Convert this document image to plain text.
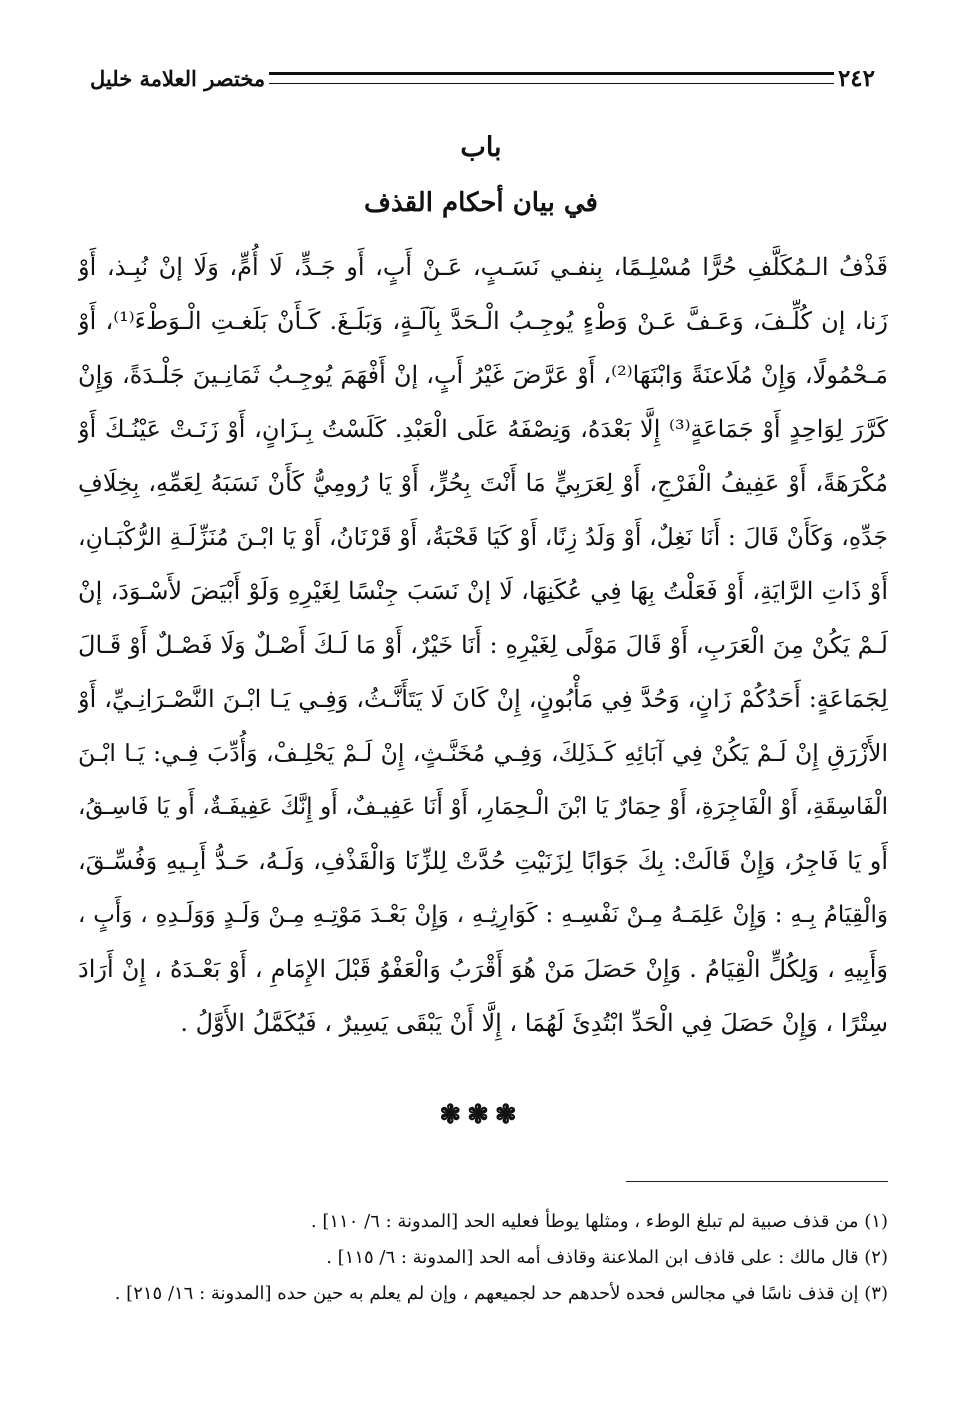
٢٤٢
مختصر العلامة خليل
باب
في بيان أحكام القذف
قَذْفُ الـمُكَلَّفِ حُرًّا مُسْلِـمًا، بِنفـي نَسَـبٍ، عَـنْ أَبٍ، أَو جَـدٍّ، لَا أُمٍّ، وَلَا إنْ نُبِـذ، أَوْ
زَنا، إن كُلِّـفَ، وَعَـفَّ عَـنْ وَطْءٍ يُوجِـبُ الْـحَدَّ بِآلَـةٍ، وَبَلَـغَ. كَـأَنْ بَلَغـتِ الْـوَطْءَ⁽¹⁾، أَوْ
مَـحْمُولًا، وَإِنْ مُلَاعنَةً وَابْنَهَا⁽²⁾، أَوْ عَرَّضَ غَيْرُ أَبٍ، إنْ أَفْهَمَ يُوجِـبُ ثَمَانِـينَ جَلْـدَةً، وَإِنْ
كَرَّرَ لِوَاحِدٍ أَوْ جَمَاعَةٍ⁽³⁾ إِلَّا بَعْدَهُ، وَنِصْفَهُ عَلَى الْعَبْدِ. كَلَسْتُ بِـزَانٍ، أَوْ زَنَـتْ عَيْنُـكَ أَوْ
مُكْرَهَةً، أَوْ عَفِيفُ الْفَرْجِ، أَوْ لِعَرَبِيٍّ مَا أَنْتَ بِحُرٍّ، أَوْ يَا رُومِيُّ كَأَنْ نَسَبَهُ لِعَمِّهِ، بِخِلَافِ
جَدِّهِ، وَكَأَنْ قَالَ : أَنَا نَغِلٌ، أَوْ وَلَدُ زِنًا، أَوْ كَيَا قَحْبَةُ، أَوْ قَرْنَانُ، أَوْ يَا ابْـنَ مُنَزِّلَـةِ الرُّكْبَـانِ،
أَوْ ذَاتِ الرَّايَةِ، أَوْ فَعَلْتُ بِهَا فِي عُكَنِهَا، لَا إنْ نَسَبَ جِنْسًا لِغَيْرِهِ وَلَوْ أَبْيَضَ لأَسْـوَدَ، إنْ
لَـمْ يَكُنْ مِنَ الْعَرَبِ، أَوْ قَالَ مَوْلًى لِغَيْرِهِ : أَنَا خَيْرٌ، أَوْ مَا لَـكَ أَصْـلٌ وَلَا فَصْـلٌ أَوْ قَـالَ
لِجَمَاعَةٍ: أَحَدُكُمْ زَانٍ، وَحُدَّ فِي مَأْبُونٍ، إِنْ كَانَ لَا يَتَأَنَّـثُ، وَفِـي يَـا ابْـنَ النَّصْـرَانِـيِّ، أَوْ
الأَزْرَقِ إِنْ لَـمْ يَكُنْ فِي آبَائِهِ كَـذَلِكَ، وَفِـي مُخَنَّـثٍ، إِنْ لَـمْ يَحْلِـفْ، وَأُدِّبَ فِـي: يَـا ابْـنَ
الْفَاسِقَةِ، أَوْ الْفَاجِرَةِ، أَوْ حِمَارٌ يَا ابْنَ الْـحِمَارِ، أَوْ أَنَا عَفِيـفٌ، أَو إِنَّكَ عَفِيفَـةٌ، أَو يَا فَاسِـقُ،
أَو يَا فَاجِرُ، وَإِنْ قَالَتْ: بِكَ جَوَابًا لِزَنَيْتِ حُدَّتْ لِلزِّنَا وَالْقَذْفِ، وَلَـهُ، حَـدُّ أَبِـيهِ وَفُسِّـقَ،
وَالْقِيَامُ بِـهِ : وَإِنْ عَلِمَـهُ مِـنْ نَفْسِـهِ : كَوَارِثِـهِ ، وَإِنْ بَعْـدَ مَوْتِـهِ مِـنْ وَلَـدٍ وَوَلَـدِهِ ، وَأَبٍ ،
وَأَبِيهِ ، وَلِكُلٍّ الْقِيَامُ . وَإِنْ حَصَلَ مَنْ هُوَ أَقْرَبُ وَالْعَفْوُ قَبْلَ الإِمَامِ ، أَوْ بَعْـدَهُ ، إِنْ أَرَادَ
سِتْرًا ، وَإِنْ حَصَلَ فِي الْحَدِّ ابْتُدِئَ لَهُمَا ، إِلَّا أَنْ يَبْقَى يَسِيرٌ ، فَيُكَمَّلُ الأَوَّلُ .
❃❃❃
(١) من قذف صبية لم تبلغ الوطء ، ومثلها يوطأ فعليه الحد [المدونة : ٦/ ١١٠] .
(٢) قال مالك : على قاذف ابن الملاعنة وقاذف أمه الحد [المدونة : ٦/ ١١٥] .
(٣) إن قذف ناسًا في مجالس فحده لأحدهم حد لجميعهم ، وإن لم يعلم به حين حده [المدونة : ١٦/ ٢١٥] .
